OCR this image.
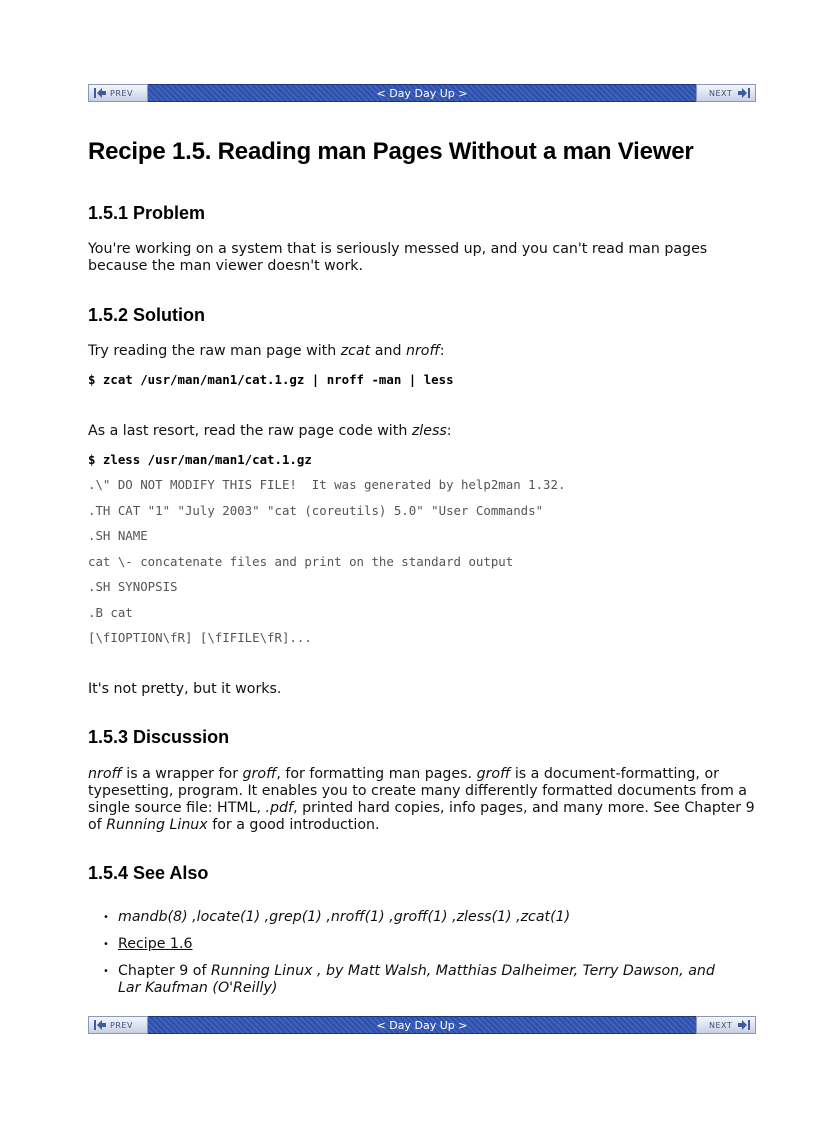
PREV	< Day Day Up >	NEXT
Recipe 1.5. Reading man Pages Without a man Viewer
1.5.1 Problem

You're working on a system that is seriously messed up, and you can't read man pages because the man viewer doesn't work.

1.5.2 Solution

Try reading the raw man page with zcat and nroff:

$ zcat /usr/man/man1/cat.1.gz | nroff -man | less

As a last resort, read the raw page code with zless:

$ zless /usr/man/man1/cat.1.gz
.\" DO NOT MODIFY THIS FILE!  It was generated by help2man 1.32.
.TH CAT "1" "July 2003" "cat (coreutils) 5.0" "User Commands"
.SH NAME
cat \- concatenate files and print on the standard output
.SH SYNOPSIS
.B cat
[\fIOPTION\fR] [\fIFILE\fR]...

It's not pretty, but it works.

1.5.3 Discussion

nroff is a wrapper for groff, for formatting man pages. groff is a document-formatting, or typesetting, program. It enables you to create many differently formatted documents from a single source file: HTML, .pdf, printed hard copies, info pages, and many more. See Chapter 9 of Running Linux for a good introduction.

1.5.4 See Also
• mandb(8) ,locate(1) ,grep(1) ,nroff(1) ,groff(1) ,zless(1) ,zcat(1)
• Recipe 1.6
• Chapter 9 of Running Linux , by Matt Walsh, Matthias Dalheimer, Terry Dawson, and Lar Kaufman (O'Reilly)
PREV	< Day Day Up >	NEXT
